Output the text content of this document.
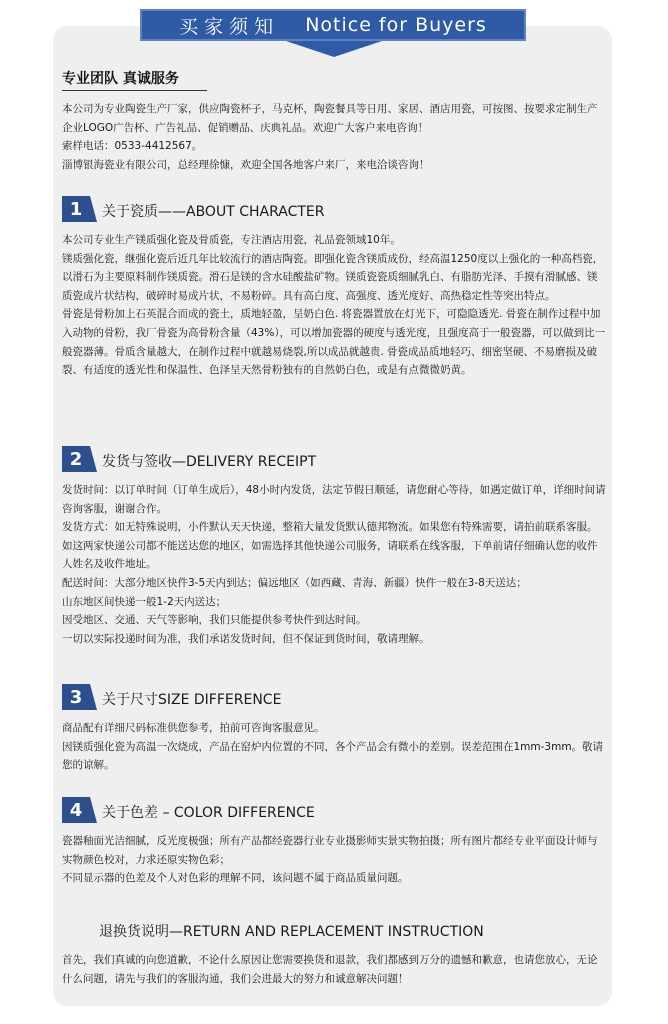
买家须知 Notice for Buyers
专业团队 真诚服务

本公司为专业陶瓷生产厂家，供应陶瓷杯子，马克杯，陶瓷餐具等日用、家居、酒店用瓷，可按图、按要求定制生产企业LOGO广告杯、广告礼品、促销赠品、庆典礼品。欢迎广大客户来电咨询！

索样电话：0533-4412567。

淄博银海瓷业有限公司，总经理徐慷，欢迎全国各地客户来厂，来电洽谈咨询！

1	关于瓷质——ABOUT CHARACTER

本公司专业生产镁质强化瓷及骨质瓷，专注酒店用瓷，礼品瓷领域10年。

镁质强化瓷，继强化瓷后近几年比较流行的酒店陶瓷。即强化瓷含镁质成份，经高温1250度以上强化的一种高档瓷，以滑石为主要原料制作镁质瓷。滑石是镁的含水硅酸盐矿物。镁质瓷瓷质细腻乳白、有脂肪光泽、手摸有滑腻感、镁质瓷成片状结构，破碎时易成片状，不易粉碎。具有高白度、高强度、透光度好、高热稳定性等突出特点。

骨瓷是骨粉加上石英混合而成的瓷土，质地轻盈，呈奶白色. 将瓷器置放在灯光下，可隐隐透光. 骨瓷在制作过程中加入动物的骨粉，我厂骨瓷为高骨粉含量（43%），可以增加瓷器的硬度与透光度，且强度高于一般瓷器，可以做到比一般瓷器薄。骨质含量越大，在制作过程中就越易烧裂,所以成品就越贵. 骨瓷成品质地轻巧、细密坚硬、不易磨损及破裂、有适度的透光性和保温性、色泽呈天然骨粉独有的自然奶白色，或是有点微微奶黄。

2	发货与签收—DELIVERY RECEIPT

发货时间：以订单时间（订单生成后），48小时内发货，法定节假日顺延，请您耐心等待，如遇定做订单，详细时间请咨询客服，谢谢合作。

发货方式：如无特殊说明，小件默认天天快递，整箱大量发货默认德邦物流。如果您有特殊需要，请拍前联系客服。如这两家快递公司都不能送达您的地区，如需选择其他快递公司服务，请联系在线客服，下单前请仔细确认您的收件人姓名及收件地址。

配送时间：大部分地区快件3-5天内到达；偏远地区（如西藏、青海、新疆）快件一般在3-8天送达；

山东地区间快递一般1-2天内送达；

因受地区、交通、天气等影响，我们只能提供参考快件到达时间。

一切以实际投递时间为准，我们承诺发货时间，但不保证到货时间，敬请理解。

3	关于尺寸SIZE DIFFERENCE

商品配有详细尺码标准供您参考，拍前可咨询客服意见。

因镁质强化瓷为高温一次烧成，产品在窑炉内位置的不同，各个产品会有微小的差别。误差范围在1mm-3mm。敬请您的谅解。

4	关于色差 – COLOR DIFFERENCE

瓷器釉面光洁细腻，反光度极强；所有产品都经瓷器行业专业摄影师实景实物拍摄；所有图片都经专业平面设计师与实物颜色校对，力求还原实物色彩；

不同显示器的色差及个人对色彩的理解不同，该问题不属于商品质量问题。

退换货说明—RETURN AND REPLACEMENT INSTRUCTION

首先，我们真诚的向您道歉，不论什么原因让您需要换货和退款，我们都感到万分的遗憾和歉意，也请您放心，无论什么问题，请先与我们的客服沟通，我们会进最大的努力和诚意解决问题！
